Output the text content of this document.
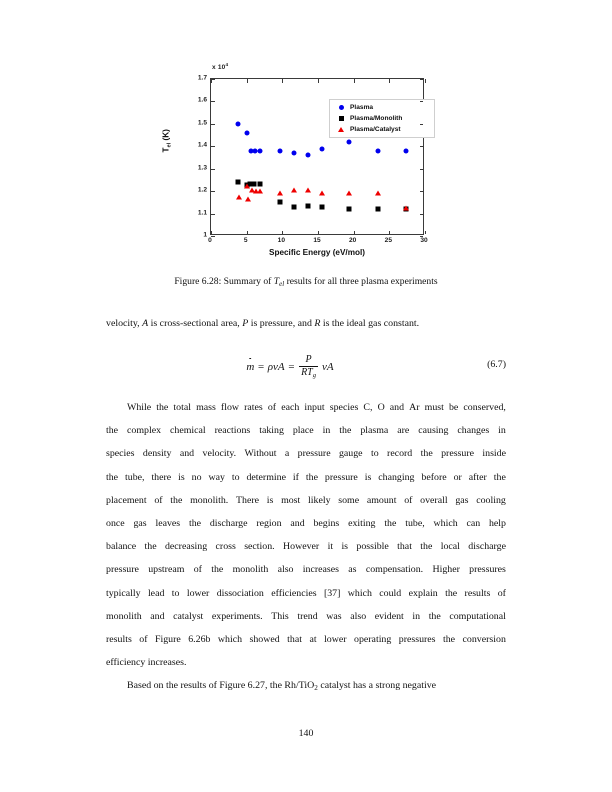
x $10^4$
$T_{el}$ (K)
1
1.1
1.2
1.3
1.4
1.5
1.6
1.7
Plasma
Plasma/Monolith
Plasma/Catalyst
0	5	10	15	20	25	30
Specific Energy (eV/mol)
Figure 6.28: Summary of $T_{el}$ results for all three plasma experiments
velocity, A is cross-sectional area, P is pressure, and R is the ideal gas constant.
$m = \rho vA = \frac{P}{RT_g}$ vA	(6.7)
While the total mass flow rates of each input species C, O and Ar must be conserved,
the complex chemical reactions taking place in the plasma are causing changes in
species density and velocity. Without a pressure gauge to record the pressure inside
the tube, there is no way to determine if the pressure is changing before or after the
placement of the monolith. There is most likely some amount of overall gas cooling
once gas leaves the discharge region and begins exiting the tube, which can help
balance the decreasing cross section. However it is possible that the local discharge
pressure upstream of the monolith also increases as compensation. Higher pressures
typically lead to lower dissociation efficiencies [37] which could explain the results of
monolith and catalyst experiments. This trend was also evident in the computational
results of Figure 6.26b which showed that at lower operating pressures the conversion
efficiency increases.
Based on the results of Figure 6.27, the Rh/TiO$_2$ catalyst has a strong negative
140
